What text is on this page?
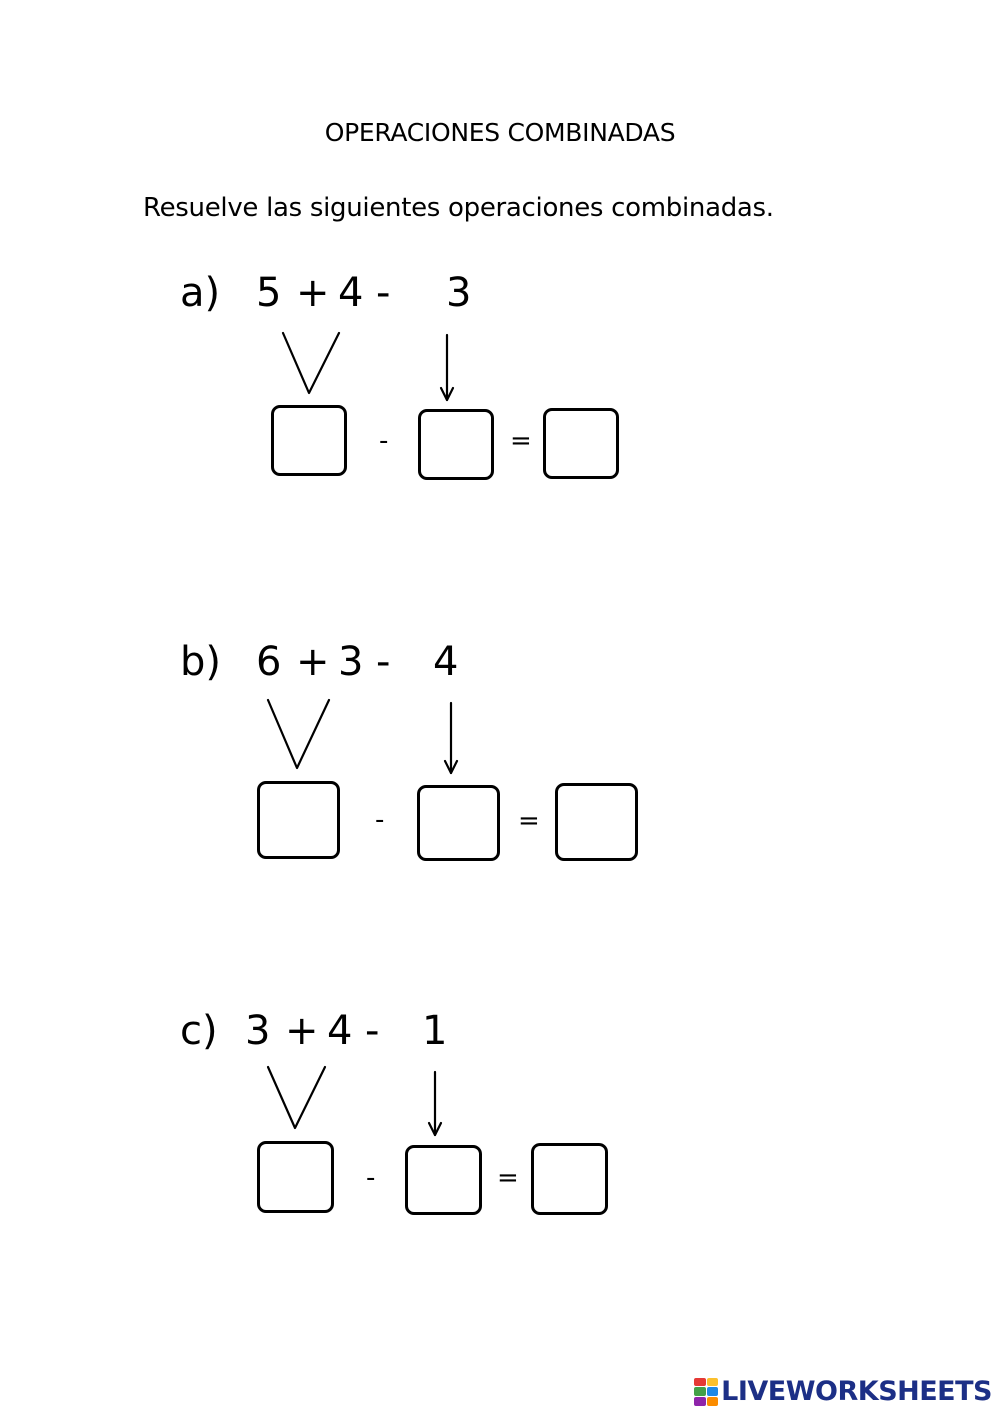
OPERACIONES COMBINADAS
Resuelve las siguientes operaciones combinadas.
a) 5 + 4 - 3
-	=
b) 6 + 3 - 4
-	=
c) 3 + 4 - 1
-	=
LIVEWORKSHEETS
